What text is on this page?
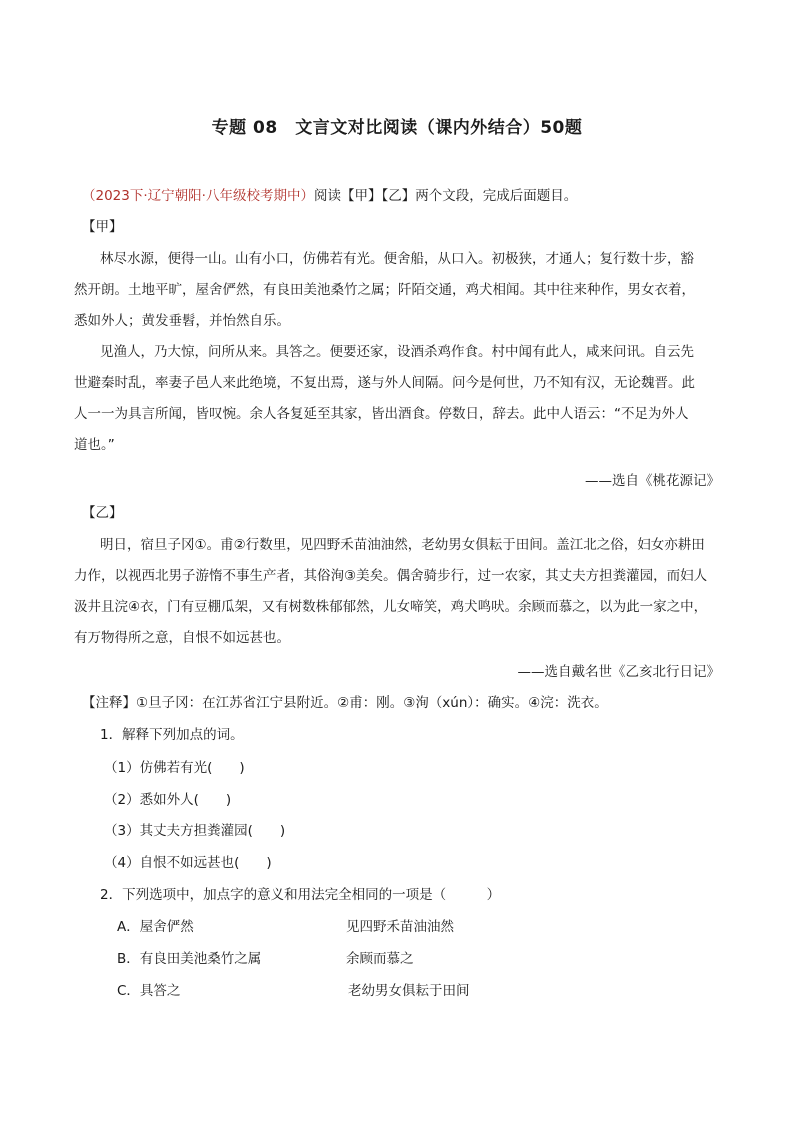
专题 08　文言文对比阅读（课内外结合）50题
（2023下·辽宁朝阳·八年级校考期中）阅读【甲】【乙】两个文段，完成后面题目。
【甲】
林尽水源，便得一山。山有小口，仿佛若有光。便舍船，从口入。初极狭，才通人；复行数十步，豁
然开朗。土地平旷，屋舍俨然，有良田美池桑竹之属；阡陌交通，鸡犬相闻。其中往来种作，男女衣着，
悉如外人；黄发垂髫，并怡然自乐。
见渔人，乃大惊，问所从来。具答之。便要还家，设酒杀鸡作食。村中闻有此人，咸来问讯。自云先
世避秦时乱，率妻子邑人来此绝境，不复出焉，遂与外人间隔。问今是何世，乃不知有汉，无论魏晋。此
人一一为具言所闻，皆叹惋。余人各复延至其家，皆出酒食。停数日，辞去。此中人语云：“不足为外人
道也。”
——选自《桃花源记》
【乙】
明日，宿旦子冈①。甫②行数里，见四野禾苗油油然，老幼男女俱耘于田间。盖江北之俗，妇女亦耕田
力作，以视西北男子游惰不事生产者，其俗洵③美矣。偶舍骑步行，过一农家，其丈夫方担粪灌园，而妇人
汲井且浣④衣，门有豆棚瓜架，又有树数株郁郁然，儿女啼笑，鸡犬鸣吠。余顾而慕之，以为此一家之中，
有万物得所之意，自恨不如远甚也。
——选自戴名世《乙亥北行日记》
【注释】①旦子冈：在江苏省江宁县附近。②甫：刚。③洵（xún）：确实。④浣：洗衣。
1．解释下列加点的词。
（1）仿佛若有光(　　)
（2）悉如外人(　　)
（3）其丈夫方担粪灌园(　　)
（4）自恨不如远甚也(　　)
2．下列选项中，加点字的意义和用法完全相同的一项是（　　　）
A．屋舍俨然	见四野禾苗油油然
B．有良田美池桑竹之属	余顾而慕之
C．具答之	老幼男女俱耘于田间
